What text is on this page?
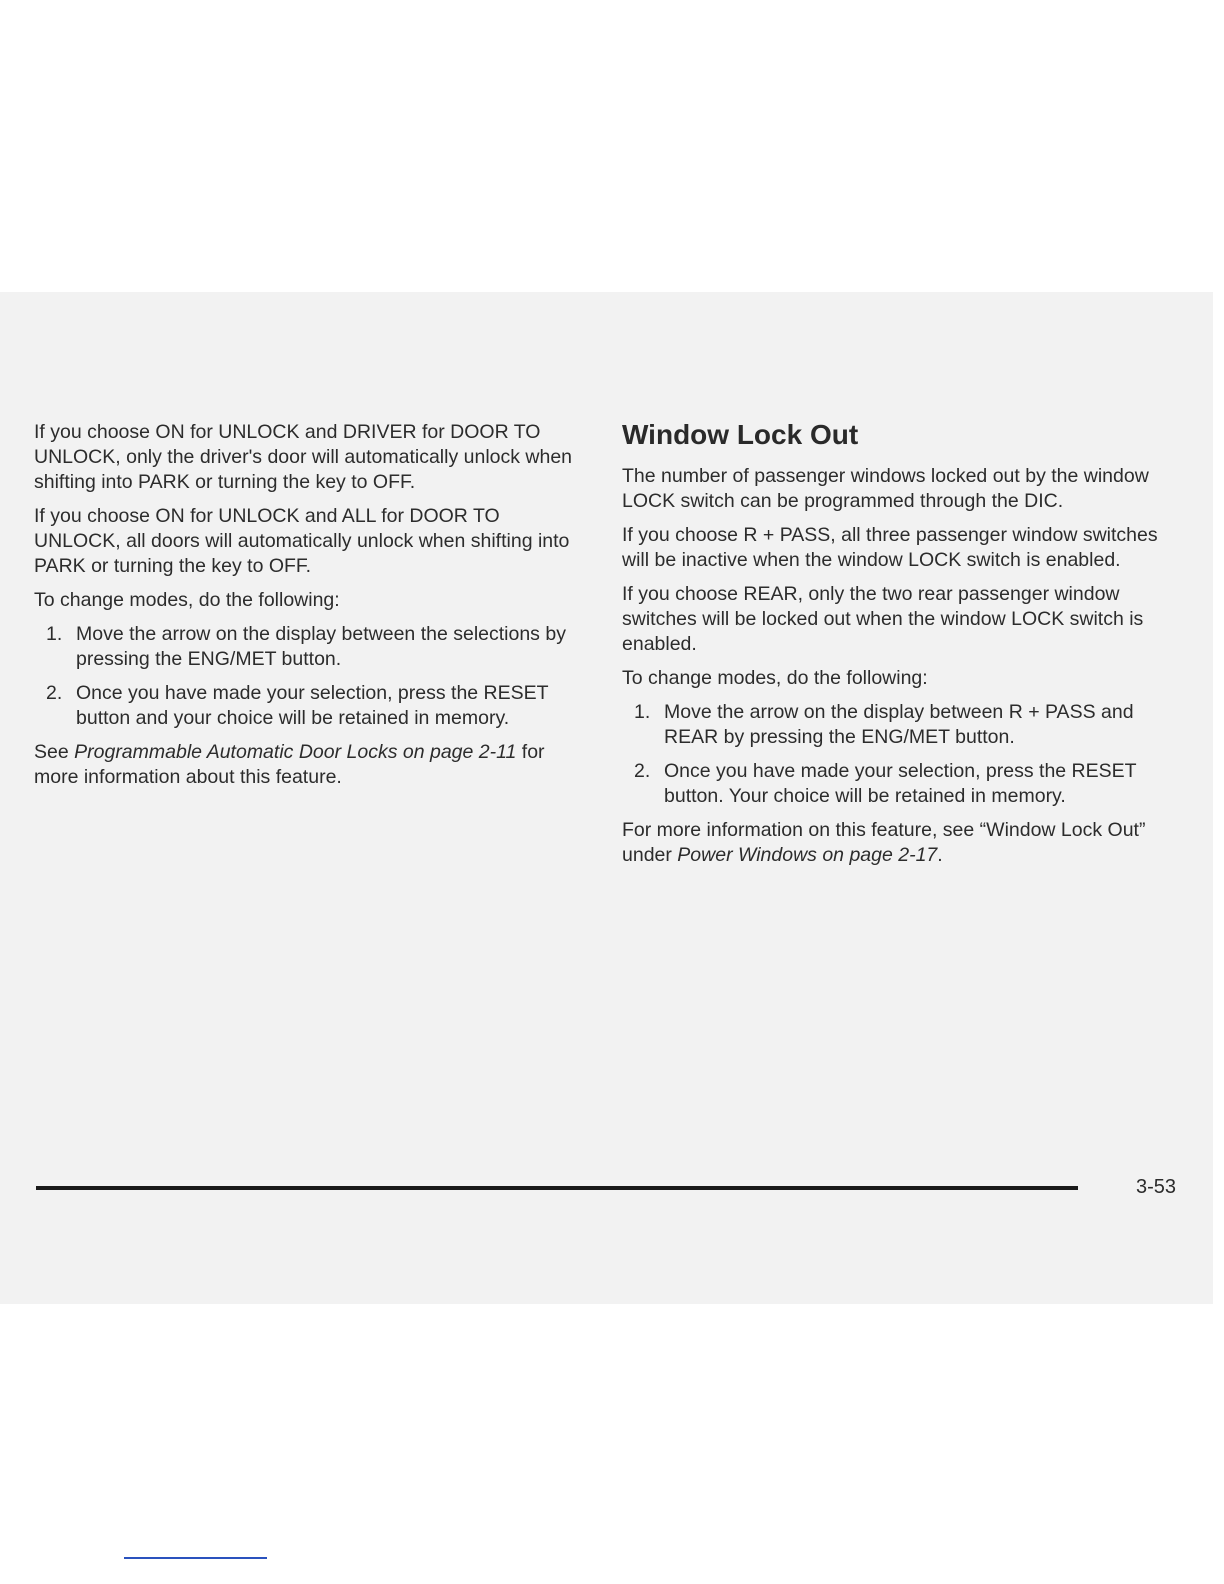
If you choose ON for UNLOCK and DRIVER for DOOR TO UNLOCK, only the driver's door will automatically unlock when shifting into PARK or turning the key to OFF.

If you choose ON for UNLOCK and ALL for DOOR TO UNLOCK, all doors will automatically unlock when shifting into PARK or turning the key to OFF.

To change modes, do the following:

1. Move the arrow on the display between the selections by pressing the ENG/MET button.
2. Once you have made your selection, press the RESET button and your choice will be retained in memory.

See Programmable Automatic Door Locks on page 2-11 for more information about this feature.

Window Lock Out

The number of passenger windows locked out by the window LOCK switch can be programmed through the DIC.

If you choose R + PASS, all three passenger window switches will be inactive when the window LOCK switch is enabled.

If you choose REAR, only the two rear passenger window switches will be locked out when the window LOCK switch is enabled.

To change modes, do the following:

1. Move the arrow on the display between R + PASS and REAR by pressing the ENG/MET button.
2. Once you have made your selection, press the RESET button. Your choice will be retained in memory.

For more information on this feature, see “Window Lock Out” under Power Windows on page 2-17.

3-53
